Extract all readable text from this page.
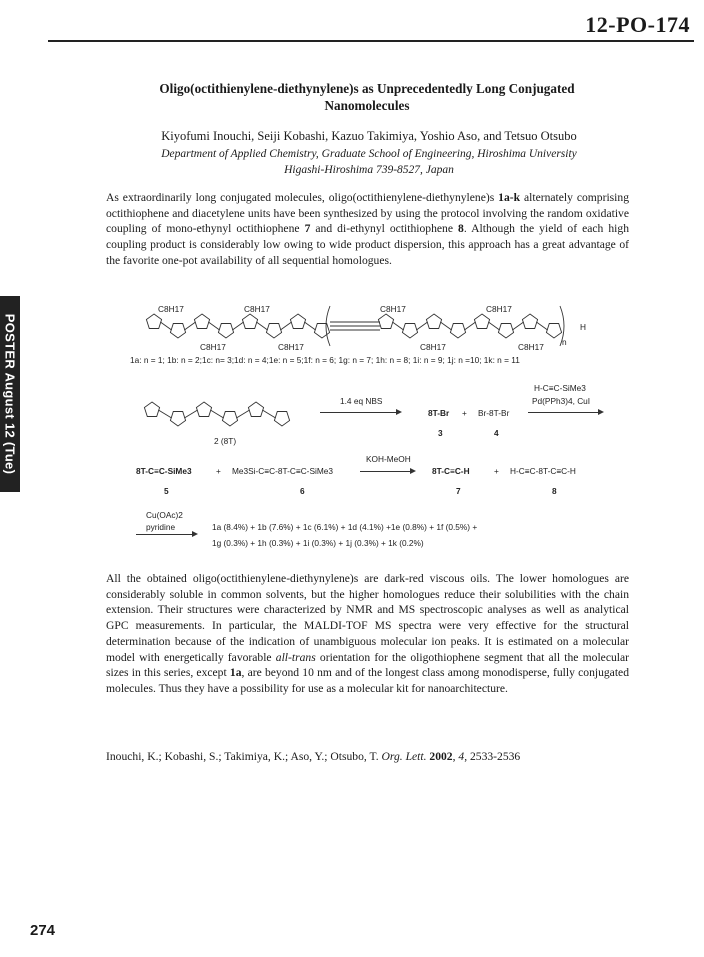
12-PO-174
POSTER August 12 (Tue)
Oligo(octithienylene-diethynylene)s as Unprecedentedly Long Conjugated
Nanomolecules
Kiyofumi Inouchi, Seiji Kobashi, Kazuo Takimiya, Yoshio Aso, and Tetsuo Otsubo
Department of Applied Chemistry, Graduate School of Engineering, Hiroshima University
Higashi-Hiroshima 739-8527, Japan
As extraordinarily long conjugated molecules, oligo(octithienylene-diethynylene)s 1a-k alternately comprising octithiophene and diacetylene units have been synthesized by using the protocol involving the random oxidative coupling of mono-ethynyl octithiophene 7 and di-ethynyl octithiophene 8. Although the yield of each high coupling product is considerably low owing to wide product dispersion, this approach has a great advantage of the favorite one-pot availability of all sequential homologues.
1a: n = 1; 1b: n = 2;1c: n= 3;1d: n = 4;1e: n = 5;1f: n = 6; 1g: n = 7; 1h: n = 8; 1i: n = 9; 1j: n =10; 1k: n = 11
H
n
C8H17	C8H17
C8H17	C8H17
C8H17	C8H17
C8H17	C8H17
2 (8T)
1.4 eq NBS
8T-Br + Br-8T-Br
3	4
H-C≡C-SiMe3
Pd(PPh3)4, CuI
KOH-MeOH
8T-C≡C-SiMe3	+ Me3Si-C≡C-8T-C≡C-SiMe3	8T-C≡C-H	+ H-C≡C-8T-C≡C-H
5	6	7	8
Cu(OAc)2
pyridine	1a (8.4%) + 1b (7.6%) + 1c (6.1%) + 1d (4.1%) +1e (0.8%) + 1f (0.5%) +
1g (0.3%) + 1h (0.3%) + 1i (0.3%) + 1j (0.3%) + 1k (0.2%)
All the obtained oligo(octithienylene-diethynylene)s are dark-red viscous oils. The lower homologues are considerably soluble in common solvents, but the higher homologues reduce their solubilities with the chain extension. Their structures were characterized by NMR and MS spectroscopic analyses as well as analytical GPC measurements. In particular, the MALDI-TOF MS spectra were very effective for the structural determination because of the indication of unambiguous molecular ion peaks. It is estimated on a molecular model with energetically favorable all-trans orientation for the oligothiophene segment that all the molecular sizes in this series, except 1a, are beyond 10 nm and of the longest class among monodisperse, fully conjugated molecules. Thus they have a possibility for use as a molecular kit for nanoarchitecture.
Inouchi, K.; Kobashi, S.; Takimiya, K.; Aso, Y.; Otsubo, T. Org. Lett. 2002, 4, 2533-2536
274
